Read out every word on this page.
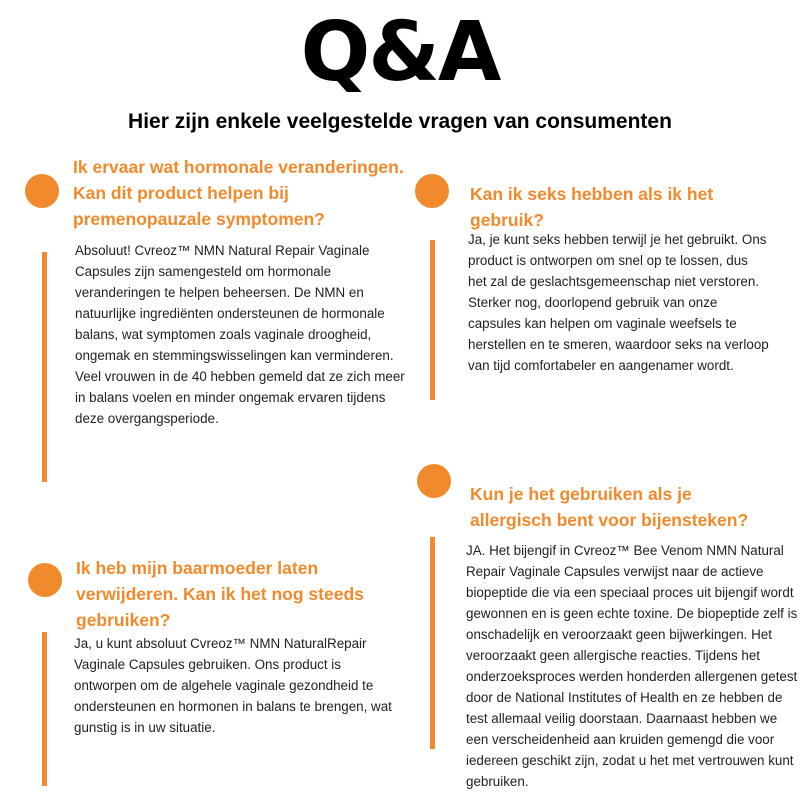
Q&A
Hier zijn enkele veelgestelde vragen van consumenten
Ik ervaar wat hormonale veranderingen. Kan dit product helpen bij premenopauzale symptomen?
Absoluut! Cvreoz™ NMN Natural Repair Vaginale Capsules zijn samengesteld om hormonale veranderingen te helpen beheersen. De NMN en natuurlijke ingrediënten ondersteunen de hormonale balans, wat symptomen zoals vaginale droogheid, ongemak en stemmingswisselingen kan verminderen. Veel vrouwen in de 40 hebben gemeld dat ze zich meer in balans voelen en minder ongemak ervaren tijdens deze overgangsperiode.
Kan ik seks hebben als ik het gebruik?
Ja, je kunt seks hebben terwijl je het gebruikt. Ons product is ontworpen om snel op te lossen, dus het zal de geslachtsgemeenschap niet verstoren. Sterker nog, doorlopend gebruik van onze capsules kan helpen om vaginale weefsels te herstellen en te smeren, waardoor seks na verloop van tijd comfortabeler en aangenamer wordt.
Kun je het gebruiken als je allergisch bent voor bijensteken?
JA. Het bijengif in Cvreoz™ Bee Venom NMN Natural Repair Vaginale Capsules verwijst naar de actieve biopeptide die via een speciaal proces uit bijengif wordt gewonnen en is geen echte toxine. De biopeptide zelf is onschadelijk en veroorzaakt geen bijwerkingen. Het veroorzaakt geen allergische reacties. Tijdens het onderzoeksproces werden honderden allergenen getest door de National Institutes of Health en ze hebben de test allemaal veilig doorstaan. Daarnaast hebben we een verscheidenheid aan kruiden gemengd die voor iedereen geschikt zijn, zodat u het met vertrouwen kunt gebruiken.
Ik heb mijn baarmoeder laten verwijderen. Kan ik het nog steeds gebruiken?
Ja, u kunt absoluut Cvreoz™ NMN NaturalRepair Vaginale Capsules gebruiken. Ons product is ontworpen om de algehele vaginale gezondheid te ondersteunen en hormonen in balans te brengen, wat gunstig is in uw situatie.
